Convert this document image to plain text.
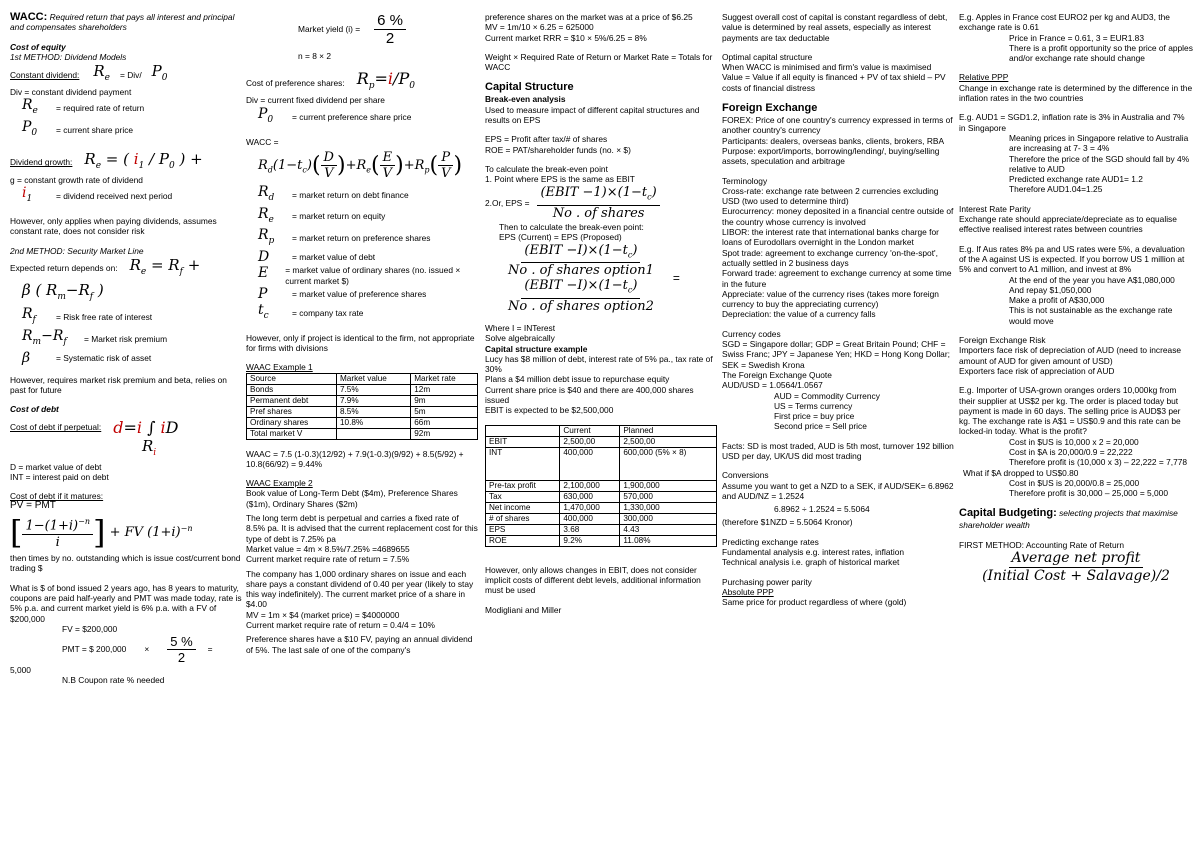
WACC: Required return that pays all interest and principal and compensates shareholders

Cost of equity

1st METHOD: Dividend Models

Constant dividend: $R_e = Div/$ $P_0$

Div = constant dividend payment

$R_e$	= required rate of return
$P_0$	= current share price
Dividend growth: $R_e$ = ( $i_1 / P_0$ ) +

g = constant growth rate of dividend

$i_1$	= dividend received next period

However, only applies when paying dividends, assumes constant rate, does not consider risk

2nd METHOD: Security Market Line

Expected return depends on: $R_e = R_f$ +

β ( $R_m-R_f$ )

$R_f$	= Risk free rate of interest
$R_m-R_f$	= Market risk premium
β	= Systematic risk of asset

However, requires market risk premium and beta, relies on past for future

Cost of debt

Cost of debt if perpetual: d=i ∫ iD

$R_i$

D = market value of debt

INT = interest paid on debt

Cost of debt if it matures:

PV = PMT

[ $\frac{1-(1+i)^{-n}}{i}$ ] + FV $(1+i)^{-n}$

then times by no. outstanding which is issue cost/current bond trading $

What is $ of bond issued 2 years ago, has 8 years to maturity, coupons are paid half-yearly and PMT was made today, rate is 5% p.a. and current market yield is 6% p.a. with a FV of $200,000

FV = $200,000

PMT = $ $200,000 \times \frac{5 \%}{2}$ =

5,000

N.B Coupon rate % needed

Market yield $(i) = \frac{6 \%}{2}$

n = 8 × 2

Cost of preference shares: $R_p=i/P_0$

Div = current fixed dividend per share

$P_0$	= current preference share price

WACC =

$R_d(1-t_c)( \frac{D}{V} )+R_e( \frac{E}{V} )+R_p( \frac{P}{V}$ )
$R_d$	= market return on debt finance
$R_e$	= market return on equity
$R_p$	= market return on preference shares
D	= market value of debt
E	= market value of ordinary shares (no. issued × current market $)
P	= market value of preference shares
$t_c$	= company tax rate

However, only if project is identical to the firm, not appropriate for firms with divisions

WAAC Example 1

Source	Market value	Market rate
Bonds	7.5%	12m
Permanent debt	7.9%	9m
Pref shares	8.5%	5m
Ordinary shares	10.8%	66m
Total market V		92m

WAAC = 7.5 (1-0.3)(12/92) + 7.9(1-0.3)(9/92) + 8.5(5/92) + 10.8(66/92) = 9.44%

WAAC Example 2

Book value of Long-Term Debt ($4m), Preference Shares ($1m), Ordinary Shares ($2m)

The long term debt is perpetual and carries a fixed rate of 8.5% pa. It is advised that the current replacement cost for this type of debt is 7.25% pa

Market value = 4m × 8.5%/7.25% =4689655

Current market require rate of return = 7.5%

The company has 1,000 ordinary shares on issue and each share pays a constant dividend of 0.40 per year (likely to stay this way indefinitely). The current market price of a share in $4.00

MV = 1m × $4 (market price) = $4000000

Current market require rate of return = 0.4/4 = 10%

Preference shares have a $10 FV, paying an annual dividend of 5%. The last sale of one of the company's

preference shares on the market was at a price of $6.25

MV = 1m/10 × 6.25 = 625000

Current market RRR = $10 × 5%/6.25 = 8%

Weight × Required Rate of Return or Market Rate = Totals for WACC

Capital Structure

Break-even analysis

Used to measure impact of different capital structures and results on EPS

EPS = Profit after tax/# of shares

ROE = PAT/shareholder funds (no. × $)

To calculate the break-even point

1. Point where EPS is the same as EBIT

2.Or, EPS = $\frac{(EBIT -1)\times(1-t_c)}{\text{No . of shares}}$

Then to calculate the break-even point:

EPS (Current) = EPS (Proposed)

$\frac{(EBIT -I)\times(1-t_c)}{\text{No . of shares option1}}$
$\frac{(EBIT -I)\times(1-t_c)}{\text{No . of shares option2}}$
=

Where I = INTerest

Solve algebraically

Capital structure example

Lucy has $8 million of debt, interest rate of 5% pa., tax rate of 30%

Plans a $4 million debt issue to repurchase equity

Current share price is $40 and there are 400,000 shares issued

EBIT is expected to be $2,500,000

	Current	Planned
EBIT	2,500,00	2,500,00
INT	400,000	600,000 (5% × 8)
Pre-tax profit	2,100,000	1,900,000
Tax	630,000	570,000
Net income	1,470,000	1,330,000
# of shares	400,000	300,000
EPS	3.68	4.43
ROE	9.2%	11.08%

However, only allows changes in EBIT, does not consider implicit costs of different debt levels, additional information must be used

Modigliani and Miller

Suggest overall cost of capital is constant regardless of debt, value is determined by real assets, especially as interest payments are tax deductable

Optimal capital structure

When WACC is minimised and firm's value is maximised

Value = Value if all equity is financed + PV of tax shield – PV costs of financial distress

Foreign Exchange

FOREX: Price of one country's currency expressed in terms of another country's currency

Participants: dealers, overseas banks, clients, brokers, RBA

Purpose: export/imports, borrowing/lending/, buying/selling assets, speculation and arbitrage

Terminology

Cross-rate: exchange rate between 2 currencies excluding USD (two used to determine third)

Eurocurrency: money deposited in a financial centre outside of the country whose currency is involved

LIBOR: the interest rate that international banks charge for loans of Eurodollars overnight in the London market

Spot trade: agreement to exchange currency 'on-the-spot', actually settled in 2 business days

Forward trade: agreement to exchange currency at some time in the future

Appreciate: value of the currency rises (takes more foreign currency to buy the appreciating currency)

Depreciation: the value of a currency falls

Currency codes

SGD = Singapore dollar; GDP = Great Britain Pound; CHF = Swiss Franc; JPY = Japanese Yen; HKD = Hong Kong Dollar; SEK = Swedish Krona

The Foreign Exchange Quote

AUD/USD = 1.0564/1.0567

AUD = Commodity Currency

US = Terms currency

First price = buy price

Second price = Sell price

Facts: SD is most traded, AUD is 5th most, turnover 192 billion USD per day, UK/US did most trading

Conversions

Assume you want to get a NZD to a SEK, if AUD/SEK= 6.8962 and AUD/NZ = 1.2524

6.8962 ÷ 1.2524 = 5.5064

(therefore $1NZD = 5.5064 Kronor)

Predicting exchange rates

Fundamental analysis e.g. interest rates, inflation

Technical analysis i.e. graph of historical market

Purchasing power parity

Absolute PPP

Same price for product regardless of where (gold)

E.g. Apples in France cost EURO2 per kg and AUD3, the exchange rate is 0.61

Price in France = 0.61, 3 = EUR1.83

There is a profit opportunity so the price of apples and/or exchange rate should change

Relative PPP

Change in exchange rate is determined by the difference in the inflation rates in the two countries

E.g. AUD1 = SGD1.2, inflation rate is 3% in Australia and 7% in Singapore

Meaning prices in Singapore relative to Australia are increasing at 7- 3 = 4%

Therefore the price of the SGD should fall by 4% relative to AUD

Predicted exchange rate AUD1= 1.2

Therefore AUD1.04=1.25

Interest Rate Parity

Exchange rate should appreciate/depreciate as to equalise effective realised interest rates between countries

E.g. If Aus rates 8% pa and US rates were 5%, a devaluation of the A against US is expected. If you borrow US 1 million at 5% and convert to A1 million, and invest at 8%

At the end of the year you have A$1,080,000

And repay $1,050,000

Make a profit of A$30,000

This is not sustainable as the exchange rate would move

Foreign Exchange Risk

Importers face risk of depreciation of AUD (need to increase amount of AUD for given amount of USD)

Exporters face risk of appreciation of AUD

E.g. Importer of USA-grown oranges orders 10,000kg from their supplier at US$2 per kg. The order is placed today but payment is made in 60 days. The selling price is AUD$3 per kg. The exchange rate is A$1 = US$0.9 and this rate can be locked-in today. What is the profit?

Cost in $US is 10,000 x 2 = 20,000

Cost in $A is 20,000/0.9 = 22,222

Therefore profit is (10,000 x 3) – 22,222 = 7,778

What if $A dropped to US$0.80

Cost in $US is 20,000/0.8 = 25,000

Therefore profit is 30,000 – 25,000 = 5,000

Capital Budgeting: selecting projects that maximise shareholder wealth

FIRST METHOD: Accounting Rate of Return

$\frac{\text{Average net profit}}{\text{(Initial Cost + Salavage)/2}}$
